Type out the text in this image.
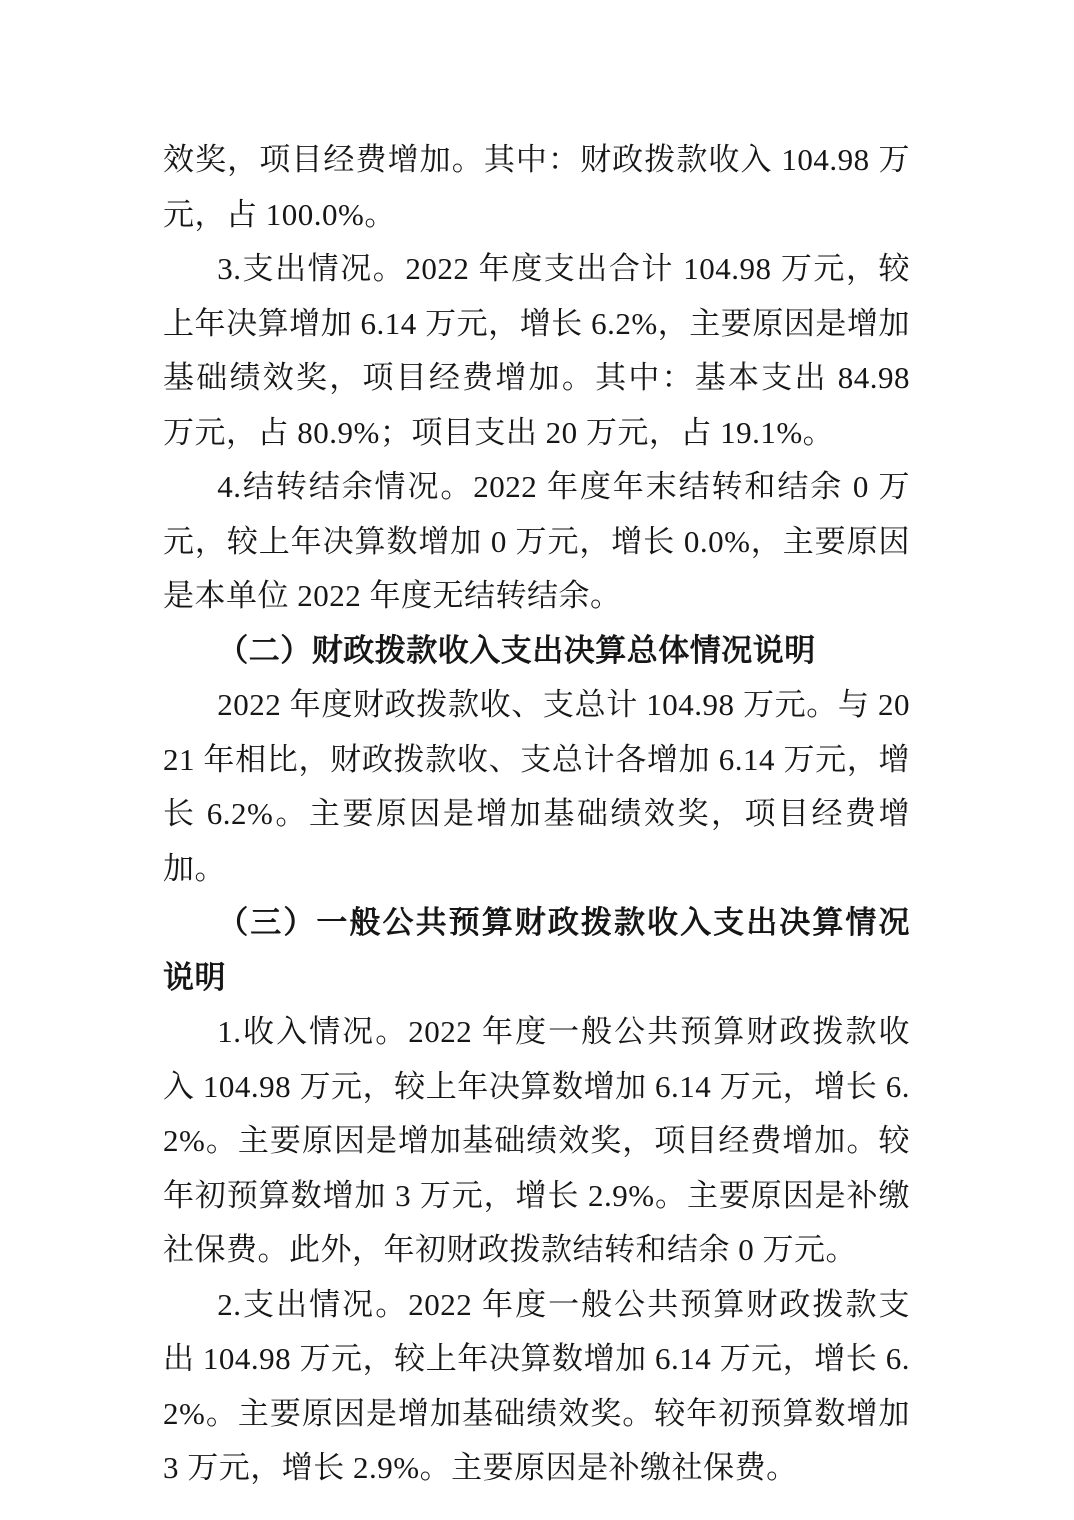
效奖，项目经费增加。其中：财政拨款收入 104.98 万元，占 100.0%。

3.支出情况。2022 年度支出合计 104.98 万元，较上年决算增加 6.14 万元，增长 6.2%，主要原因是增加基础绩效奖，项目经费增加。其中：基本支出 84.98 万元，占 80.9%；项目支出 20 万元，占 19.1%。

4.结转结余情况。2022 年度年末结转和结余 0 万元，较上年决算数增加 0 万元，增长 0.0%，主要原因是本单位 2022 年度无结转结余。

（二）财政拨款收入支出决算总体情况说明

2022 年度财政拨款收、支总计 104.98 万元。与 2021 年相比，财政拨款收、支总计各增加 6.14 万元，增长 6.2%。主要原因是增加基础绩效奖，项目经费增加。

（三）一般公共预算财政拨款收入支出决算情况说明

1.收入情况。2022 年度一般公共预算财政拨款收入 104.98 万元，较上年决算数增加 6.14 万元，增长 6.2%。主要原因是增加基础绩效奖，项目经费增加。较年初预算数增加 3 万元，增长 2.9%。主要原因是补缴社保费。此外，年初财政拨款结转和结余 0 万元。

2.支出情况。2022 年度一般公共预算财政拨款支出 104.98 万元，较上年决算数增加 6.14 万元，增长 6.2%。主要原因是增加基础绩效奖。较年初预算数增加 3 万元，增长 2.9%。主要原因是补缴社保费。
